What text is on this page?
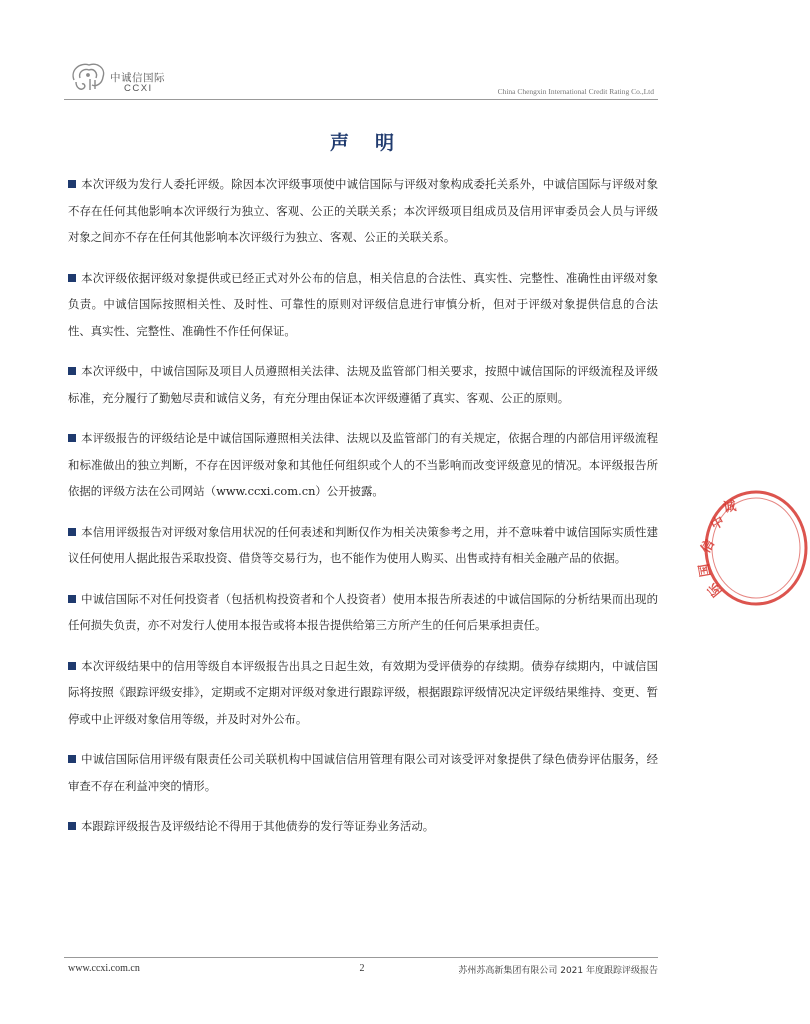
中诚信国际
CCXI	China Chengxin International Credit Rating Co.,Ltd
声明

本次评级为发行人委托评级。除因本次评级事项使中诚信国际与评级对象构成委托关系外，中诚信国际与评级对象不存在任何其他影响本次评级行为独立、客观、公正的关联关系；本次评级项目组成员及信用评审委员会人员与评级对象之间亦不存在任何其他影响本次评级行为独立、客观、公正的关联关系。

本次评级依据评级对象提供或已经正式对外公布的信息，相关信息的合法性、真实性、完整性、准确性由评级对象负责。中诚信国际按照相关性、及时性、可靠性的原则对评级信息进行审慎分析，但对于评级对象提供信息的合法性、真实性、完整性、准确性不作任何保证。

本次评级中，中诚信国际及项目人员遵照相关法律、法规及监管部门相关要求，按照中诚信国际的评级流程及评级标准，充分履行了勤勉尽责和诚信义务，有充分理由保证本次评级遵循了真实、客观、公正的原则。

本评级报告的评级结论是中诚信国际遵照相关法律、法规以及监管部门的有关规定，依据合理的内部信用评级流程和标准做出的独立判断，不存在因评级对象和其他任何组织或个人的不当影响而改变评级意见的情况。本评级报告所依据的评级方法在公司网站（www.ccxi.com.cn）公开披露。

本信用评级报告对评级对象信用状况的任何表述和判断仅作为相关决策参考之用，并不意味着中诚信国际实质性建议任何使用人据此报告采取投资、借贷等交易行为，也不能作为使用人购买、出售或持有相关金融产品的依据。

中诚信国际不对任何投资者（包括机构投资者和个人投资者）使用本报告所表述的中诚信国际的分析结果而出现的任何损失负责，亦不对发行人使用本报告或将本报告提供给第三方所产生的任何后果承担责任。

本次评级结果中的信用等级自本评级报告出具之日起生效，有效期为受评债券的存续期。债券存续期内，中诚信国际将按照《跟踪评级安排》，定期或不定期对评级对象进行跟踪评级，根据跟踪评级情况决定评级结果维持、变更、暂停或中止评级对象信用等级，并及时对外公布。

中诚信国际信用评级有限责任公司关联机构中国诚信信用管理有限公司对该受评对象提供了绿色债券评估服务，经审查不存在利益冲突的情形。

本跟踪评级报告及评级结论不得用于其他债券的发行等证券业务活动。

中
诚
信
国
际
www.ccxi.com.cn	2	苏州苏高新集团有限公司 2021 年度跟踪评级报告
